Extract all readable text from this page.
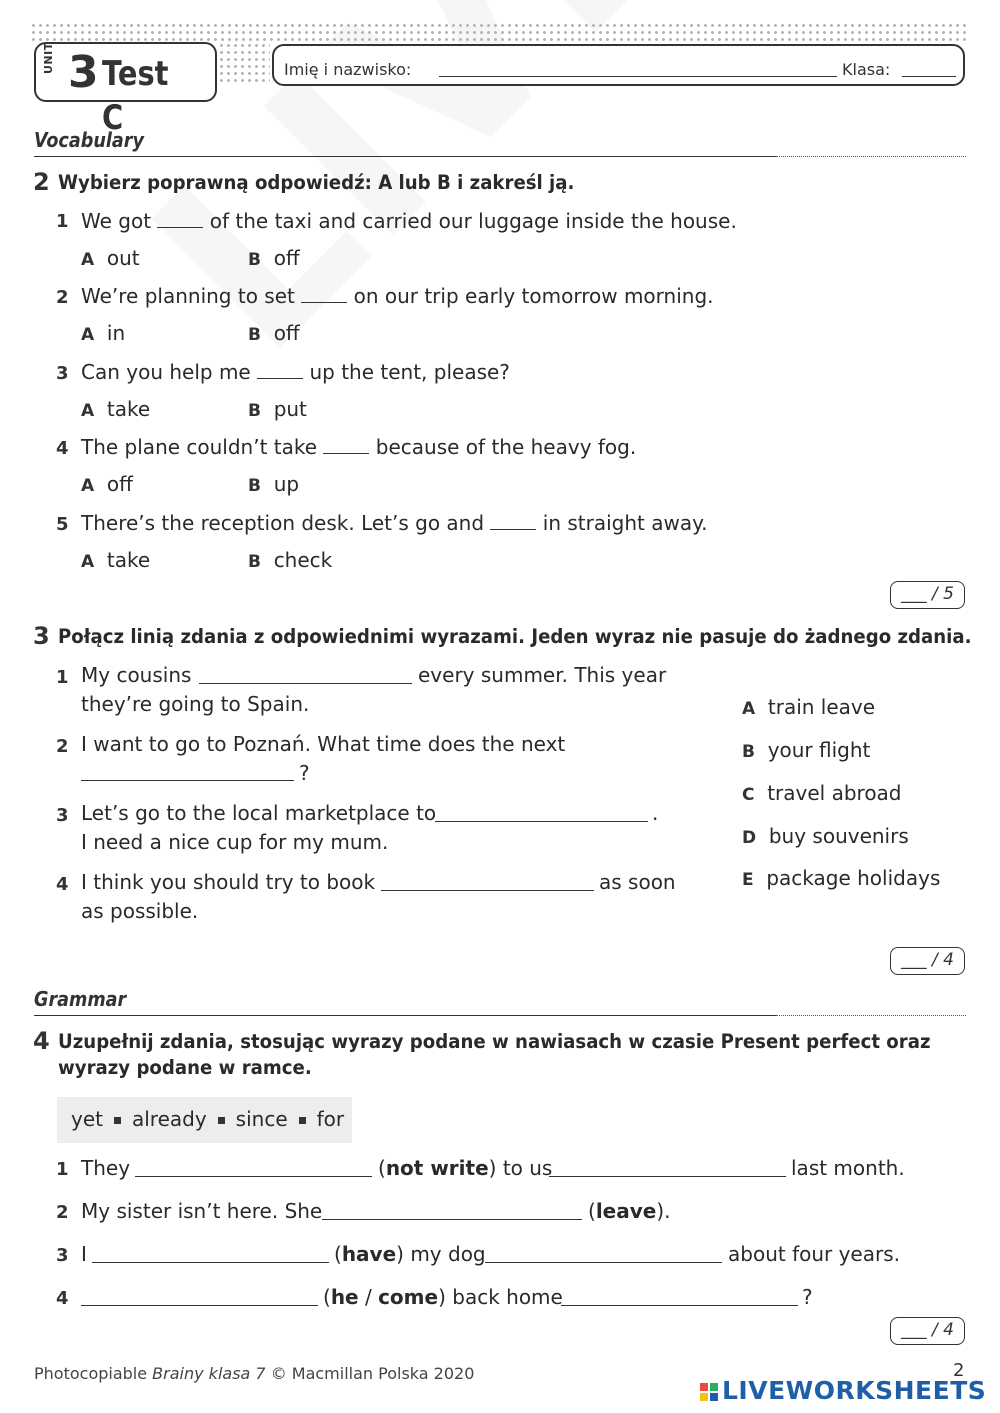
UNIT 3 Test C
Imię i nazwisko:	Klasa:
Vocabulary
2 Wybierz poprawną odpowiedź: A lub B i zakreśl ją.
1 We got	of the taxi and carried our luggage inside the house.
A out	B off
2 We’re planning to set	on our trip early tomorrow morning.
A in	B off
3 Can you help me	up the tent, please?
A take	B put
4 The plane couldn’t take	because of the heavy fog.
A off	B up
5 There’s the reception desk. Let’s go and	in straight away.
A take	B check
___ / 5
3 Połącz linią zdania z odpowiednimi wyrazami. Jeden wyraz nie pasuje do żadnego zdania.
1 My cousins	every summer. This year
they’re going to Spain.
2 I want to go to Poznań. What time does the next
?
3 Let’s go to the local marketplace to	.
I need a nice cup for my mum.
4 I think you should try to book	as soon
as possible.
A train leave
B your flight
C travel abroad
D buy souvenirs
E package holidays
___ / 4
Grammar
4 Uzupełnij zdania, stosując wyrazy podane w nawiasach w czasie Present perfect oraz
wyrazy podane w ramce.
yet already since for
1 They	(not write) to us	last month.
2 My sister isn’t here. She	(leave).
3 I	(have) my dog	about four years.
4	(he / come) back home	?
___ / 4
Photocopiable Brainy klasa 7 © Macmillan Polska 2020	2
LIVEWORKSHEETS
